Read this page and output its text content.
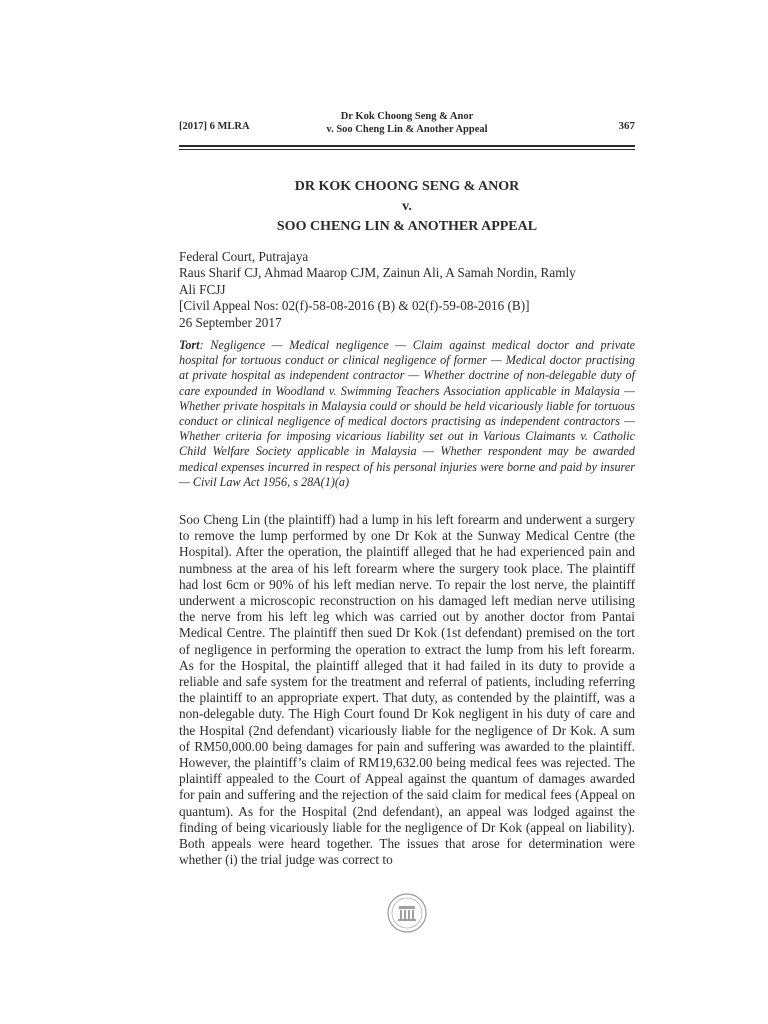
[2017] 6 MLRA
Dr Kok Choong Seng & Anor
v. Soo Cheng Lin & Another Appeal	367
DR KOK CHOONG SENG & ANOR
v.
SOO CHENG LIN & ANOTHER APPEAL
Federal Court, Putrajaya
Raus Sharif CJ, Ahmad Maarop CJM, Zainun Ali, A Samah Nordin, Ramly
Ali FCJJ
[Civil Appeal Nos: 02(f)-58-08-2016 (B) & 02(f)-59-08-2016 (B)]
26 September 2017
Tort: Negligence — Medical negligence — Claim against medical doctor and private hospital for tortuous conduct or clinical negligence of former — Medical doctor practising at private hospital as independent contractor — Whether doctrine of non-delegable duty of care expounded in Woodland v. Swimming Teachers Association applicable in Malaysia — Whether private hospitals in Malaysia could or should be held vicariously liable for tortuous conduct or clinical negligence of medical doctors practising as independent contractors — Whether criteria for imposing vicarious liability set out in Various Claimants v. Catholic Child Welfare Society applicable in Malaysia — Whether respondent may be awarded medical expenses incurred in respect of his personal injuries were borne and paid by insurer — Civil Law Act 1956, s 28A(1)(a)
Soo Cheng Lin (the plaintiff) had a lump in his left forearm and underwent a surgery to remove the lump performed by one Dr Kok at the Sunway Medical Centre (the Hospital). After the operation, the plaintiff alleged that he had experienced pain and numbness at the area of his left forearm where the surgery took place. The plaintiff had lost 6cm or 90% of his left median nerve. To repair the lost nerve, the plaintiff underwent a microscopic reconstruction on his damaged left median nerve utilising the nerve from his left leg which was carried out by another doctor from Pantai Medical Centre. The plaintiff then sued Dr Kok (1st defendant) premised on the tort of negligence in performing the operation to extract the lump from his left forearm. As for the Hospital, the plaintiff alleged that it had failed in its duty to provide a reliable and safe system for the treatment and referral of patients, including referring the plaintiff to an appropriate expert. That duty, as contended by the plaintiff, was a non-delegable duty. The High Court found Dr Kok negligent in his duty of care and the Hospital (2nd defendant) vicariously liable for the negligence of Dr Kok. A sum of RM50,000.00 being damages for pain and suffering was awarded to the plaintiff. However, the plaintiff’s claim of RM19,632.00 being medical fees was rejected. The plaintiff appealed to the Court of Appeal against the quantum of damages awarded for pain and suffering and the rejection of the said claim for medical fees (Appeal on quantum). As for the Hospital (2nd defendant), an appeal was lodged against the finding of being vicariously liable for the negligence of Dr Kok (appeal on liability). Both appeals were heard together. The issues that arose for determination were whether (i) the trial judge was correct to
